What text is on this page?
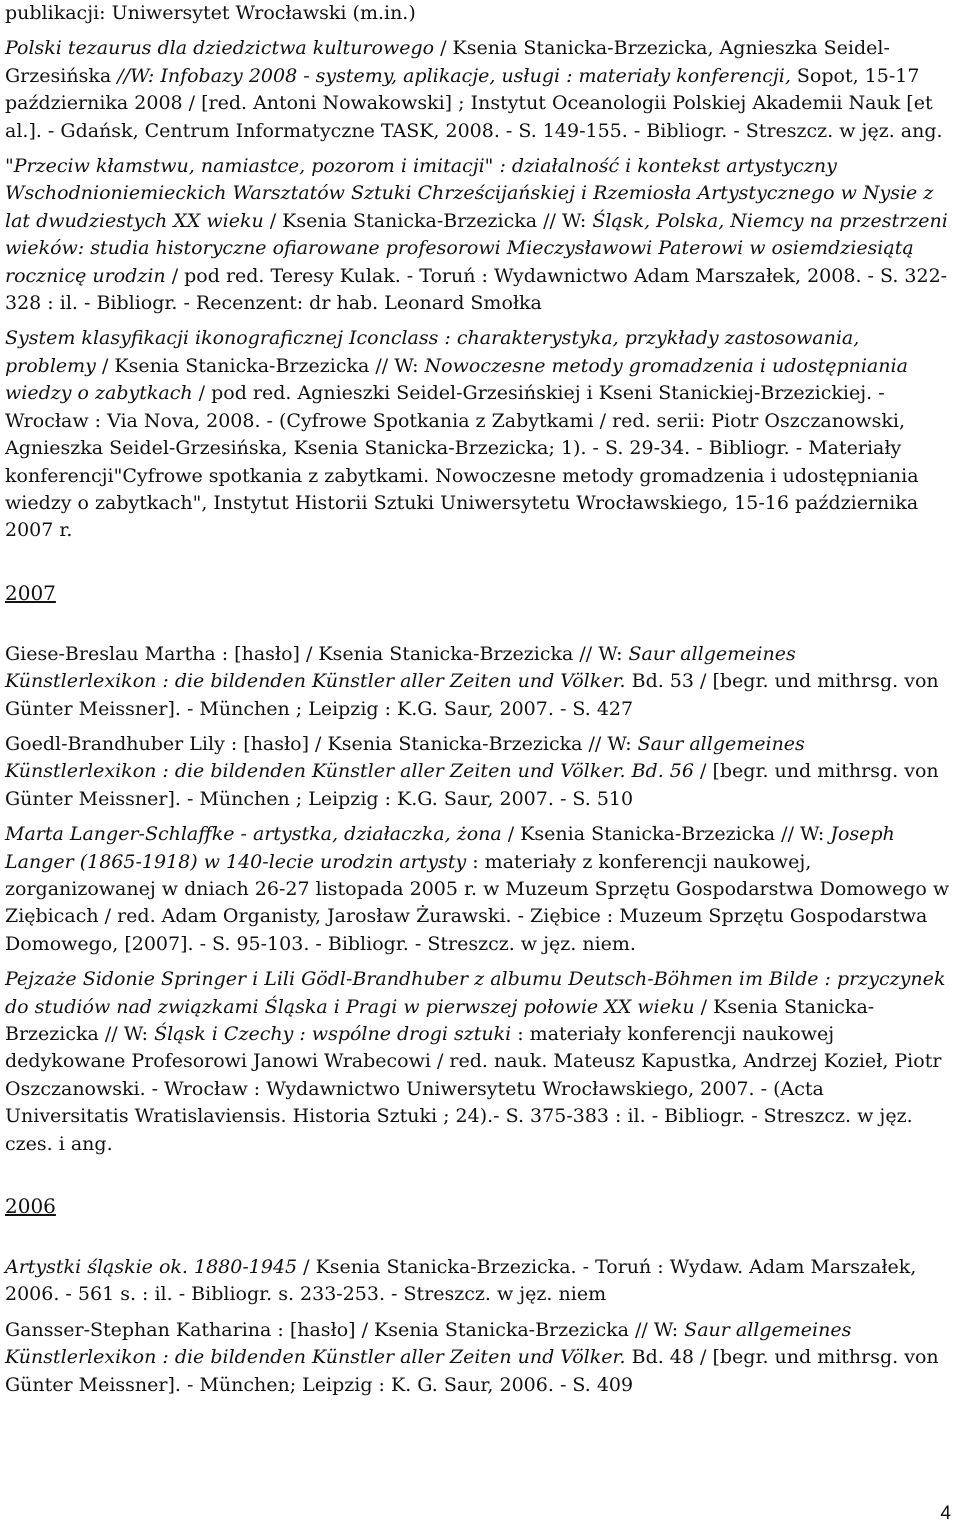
publikacji: Uniwersytet Wrocławski (m.in.)

Polski tezaurus dla dziedzictwa kulturowego / Ksenia Stanicka-Brzezicka, Agnieszka Seidel-Grzesińska //W: Infobazy 2008 - systemy, aplikacje, usługi : materiały konferencji, Sopot, 15-17 października 2008 / [red. Antoni Nowakowski] ; Instytut Oceanologii Polskiej Akademii Nauk [et al.]. - Gdańsk, Centrum Informatyczne TASK, 2008. - S. 149-155. - Bibliogr. - Streszcz. w jęz. ang.

"Przeciw kłamstwu, namiastce, pozorom i imitacji" : działalność i kontekst artystyczny Wschodnioniemieckich Warsztatów Sztuki Chrześcijańskiej i Rzemiosła Artystycznego w Nysie z lat dwudziestych XX wieku / Ksenia Stanicka-Brzezicka // W: Śląsk, Polska, Niemcy na przestrzeni wieków: studia historyczne ofiarowane profesorowi Mieczysławowi Paterowi w osiemdziesiątą rocznicę urodzin / pod red. Teresy Kulak. - Toruń : Wydawnictwo Adam Marszałek, 2008. - S. 322-328 : il. - Bibliogr. - Recenzent: dr hab. Leonard Smołka

System klasyfikacji ikonograficznej Iconclass : charakterystyka, przykłady zastosowania, problemy / Ksenia Stanicka-Brzezicka // W: Nowoczesne metody gromadzenia i udostępniania wiedzy o zabytkach / pod red. Agnieszki Seidel-Grzesińskiej i Kseni Stanickiej-Brzezickiej. - Wrocław : Via Nova, 2008. - (Cyfrowe Spotkania z Zabytkami / red. serii: Piotr Oszczanowski, Agnieszka Seidel-Grzesińska, Ksenia Stanicka-Brzezicka; 1). - S. 29-34. - Bibliogr. - Materiały konferencji"Cyfrowe spotkania z zabytkami. Nowoczesne metody gromadzenia i udostępniania wiedzy o zabytkach", Instytut Historii Sztuki Uniwersytetu Wrocławskiego, 15-16 października 2007 r.

2007

Giese-Breslau Martha : [hasło] / Ksenia Stanicka-Brzezicka // W: Saur allgemeines Künstlerlexikon : die bildenden Künstler aller Zeiten und Völker. Bd. 53 / [begr. und mithrsg. von Günter Meissner]. - München ; Leipzig : K.G. Saur, 2007. - S. 427

Goedl-Brandhuber Lily : [hasło] / Ksenia Stanicka-Brzezicka // W: Saur allgemeines Künstlerlexikon : die bildenden Künstler aller Zeiten und Völker. Bd. 56 / [begr. und mithrsg. von Günter Meissner]. - München ; Leipzig : K.G. Saur, 2007. - S. 510

Marta Langer-Schlaffke - artystka, działaczka, żona / Ksenia Stanicka-Brzezicka // W: Joseph Langer (1865-1918) w 140-lecie urodzin artysty : materiały z konferencji naukowej, zorganizowanej w dniach 26-27 listopada 2005 r. w Muzeum Sprzętu Gospodarstwa Domowego w Ziębicach / red. Adam Organisty, Jarosław Żurawski. - Ziębice : Muzeum Sprzętu Gospodarstwa Domowego, [2007]. - S. 95-103. - Bibliogr. - Streszcz. w jęz. niem.

Pejzaże Sidonie Springer i Lili Gödl-Brandhuber z albumu Deutsch-Böhmen im Bilde : przyczynek do studiów nad związkami Śląska i Pragi w pierwszej połowie XX wieku / Ksenia Stanicka-Brzezicka // W: Śląsk i Czechy : wspólne drogi sztuki : materiały konferencji naukowej dedykowane Profesorowi Janowi Wrabecowi / red. nauk. Mateusz Kapustka, Andrzej Kozieł, Piotr Oszczanowski. - Wrocław : Wydawnictwo Uniwersytetu Wrocławskiego, 2007. - (Acta Universitatis Wratislaviensis. Historia Sztuki ; 24).- S. 375-383 : il. - Bibliogr. - Streszcz. w jęz. czes. i ang.

2006

Artystki śląskie ok. 1880-1945 / Ksenia Stanicka-Brzezicka. - Toruń : Wydaw. Adam Marszałek, 2006. - 561 s. : il. - Bibliogr. s. 233-253. - Streszcz. w jęz. niem

Gansser-Stephan Katharina : [hasło] / Ksenia Stanicka-Brzezicka // W: Saur allgemeines Künstlerlexikon : die bildenden Künstler aller Zeiten und Völker. Bd. 48 / [begr. und mithrsg. von Günter Meissner]. - München; Leipzig : K. G. Saur, 2006. - S. 409

4
